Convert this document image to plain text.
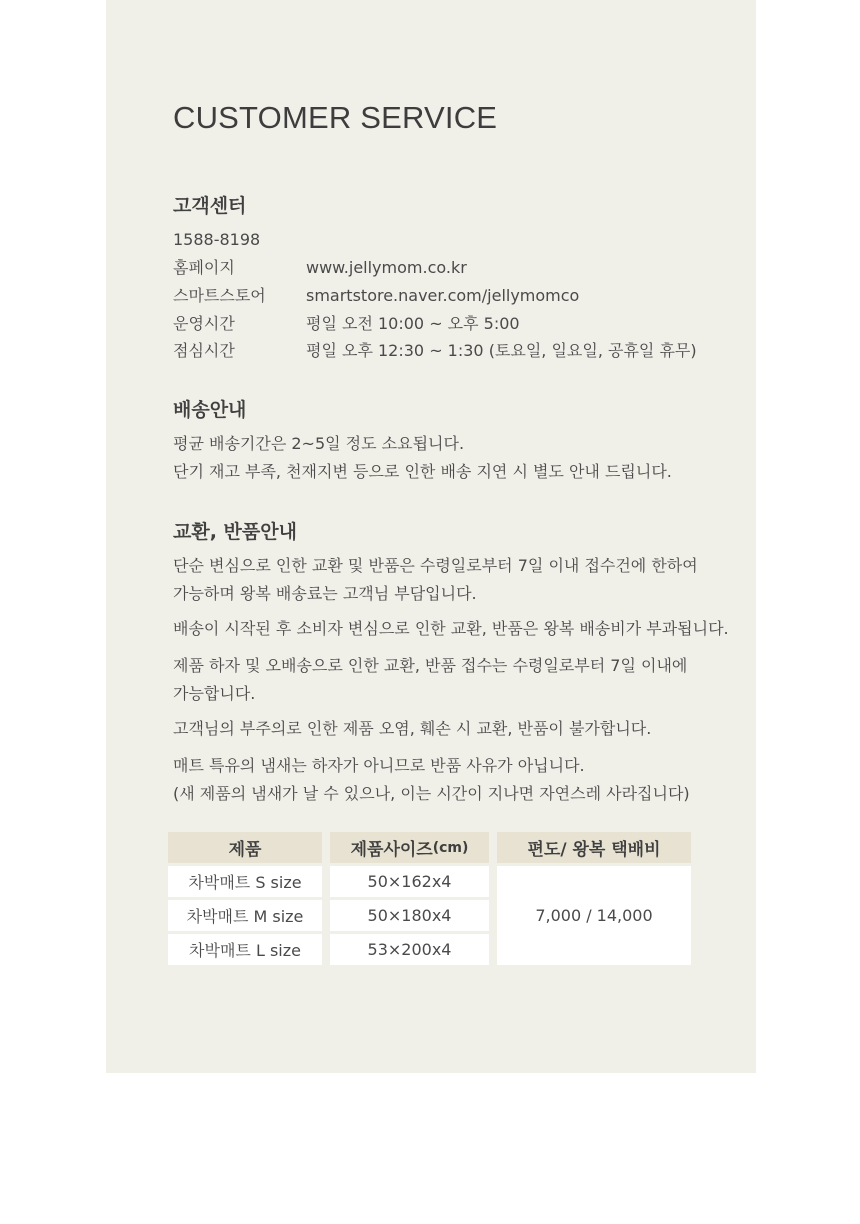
CUSTOMER SERVICE
고객센터
1588-8198
홈페이지	www.jellymom.co.kr
스마트스토어	smartstore.naver.com/jellymomco
운영시간	평일 오전 10:00 ~ 오후 5:00
점심시간	평일 오후 12:30 ~ 1:30 (토요일, 일요일, 공휴일 휴무)
배송안내
평균 배송기간은 2~5일 정도 소요됩니다.
단기 재고 부족, 천재지변 등으로 인한 배송 지연 시 별도 안내 드립니다.
교환, 반품안내
단순 변심으로 인한 교환 및 반품은 수령일로부터 7일 이내 접수건에 한하여
가능하며 왕복 배송료는 고객님 부담입니다.
배송이 시작된 후 소비자 변심으로 인한 교환, 반품은 왕복 배송비가 부과됩니다.
제품 하자 및 오배송으로 인한 교환, 반품 접수는 수령일로부터 7일 이내에
가능합니다.
고객님의 부주의로 인한 제품 오염, 훼손 시 교환, 반품이 불가합니다.
매트 특유의 냄새는 하자가 아니므로 반품 사유가 아닙니다.
(새 제품의 냄새가 날 수 있으나, 이는 시간이 지나면 자연스레 사라집니다)
제품	제품사이즈 (cm)	편도/ 왕복 택배비
차박매트 S size	50×162x4
차박매트 M size	50×180x4
차박매트 L size	53×200x4
7,000 / 14,000
